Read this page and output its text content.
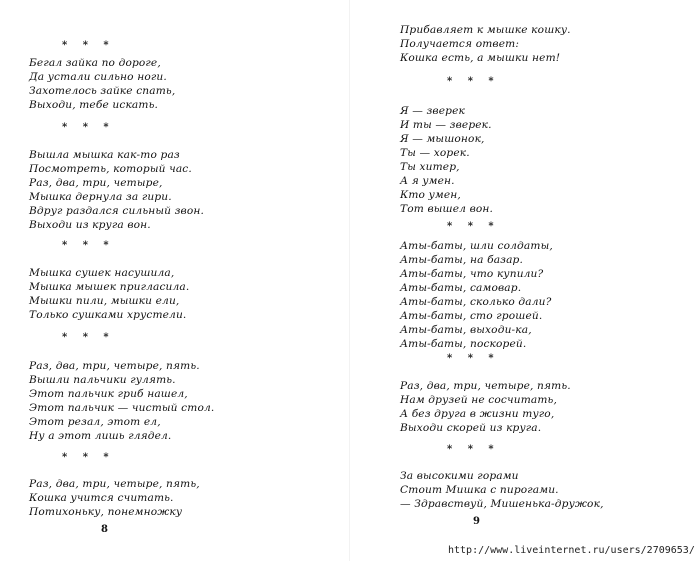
* * *
Бегал зайка по дороге,
Да устали сильно ноги.
Захотелось зайке спать,
Выходи, тебе искать.
* * *
Вышла мышка как-то раз
Посмотреть, который час.
Раз, два, три, четыре,
Мышка дернула за гири.
Вдруг раздался сильный звон.
Выходи из круга вон.
* * *
Мышка сушек насушила,
Мышка мышек пригласила.
Мышки пили, мышки ели,
Только сушками хрустели.
* * *
Раз, два, три, четыре, пять.
Вышли пальчики гулять.
Этот пальчик гриб нашел,
Этот пальчик — чистый стол.
Этот резал, этот ел,
Ну а этот лишь глядел.
* * *
Раз, два, три, четыре, пять,
Кошка учится считать.
Потихоньку, понемножку
8
Прибавляет к мышке кошку.
Получается ответ:
Кошка есть, а мышки нет!
* * *
Я — зверек
И ты — зверек.
Я — мышонок,
Ты — хорек.
Ты хитер,
А я умен.
Кто умен,
Тот вышел вон.
* * *
Аты-баты, шли солдаты,
Аты-баты, на базар.
Аты-баты, что купили?
Аты-баты, самовар.
Аты-баты, сколько дали?
Аты-баты, сто грошей.
Аты-баты, выходи-ка,
Аты-баты, поскорей.
* * *
Раз, два, три, четыре, пять.
Нам друзей не сосчитать,
А без друга в жизни туго,
Выходи скорей из круга.
* * *
За высокими горами
Стоит Мишка с пирогами.
— Здравствуй, Мишенька-дружок,
9
http://www.liveinternet.ru/users/2709653/
